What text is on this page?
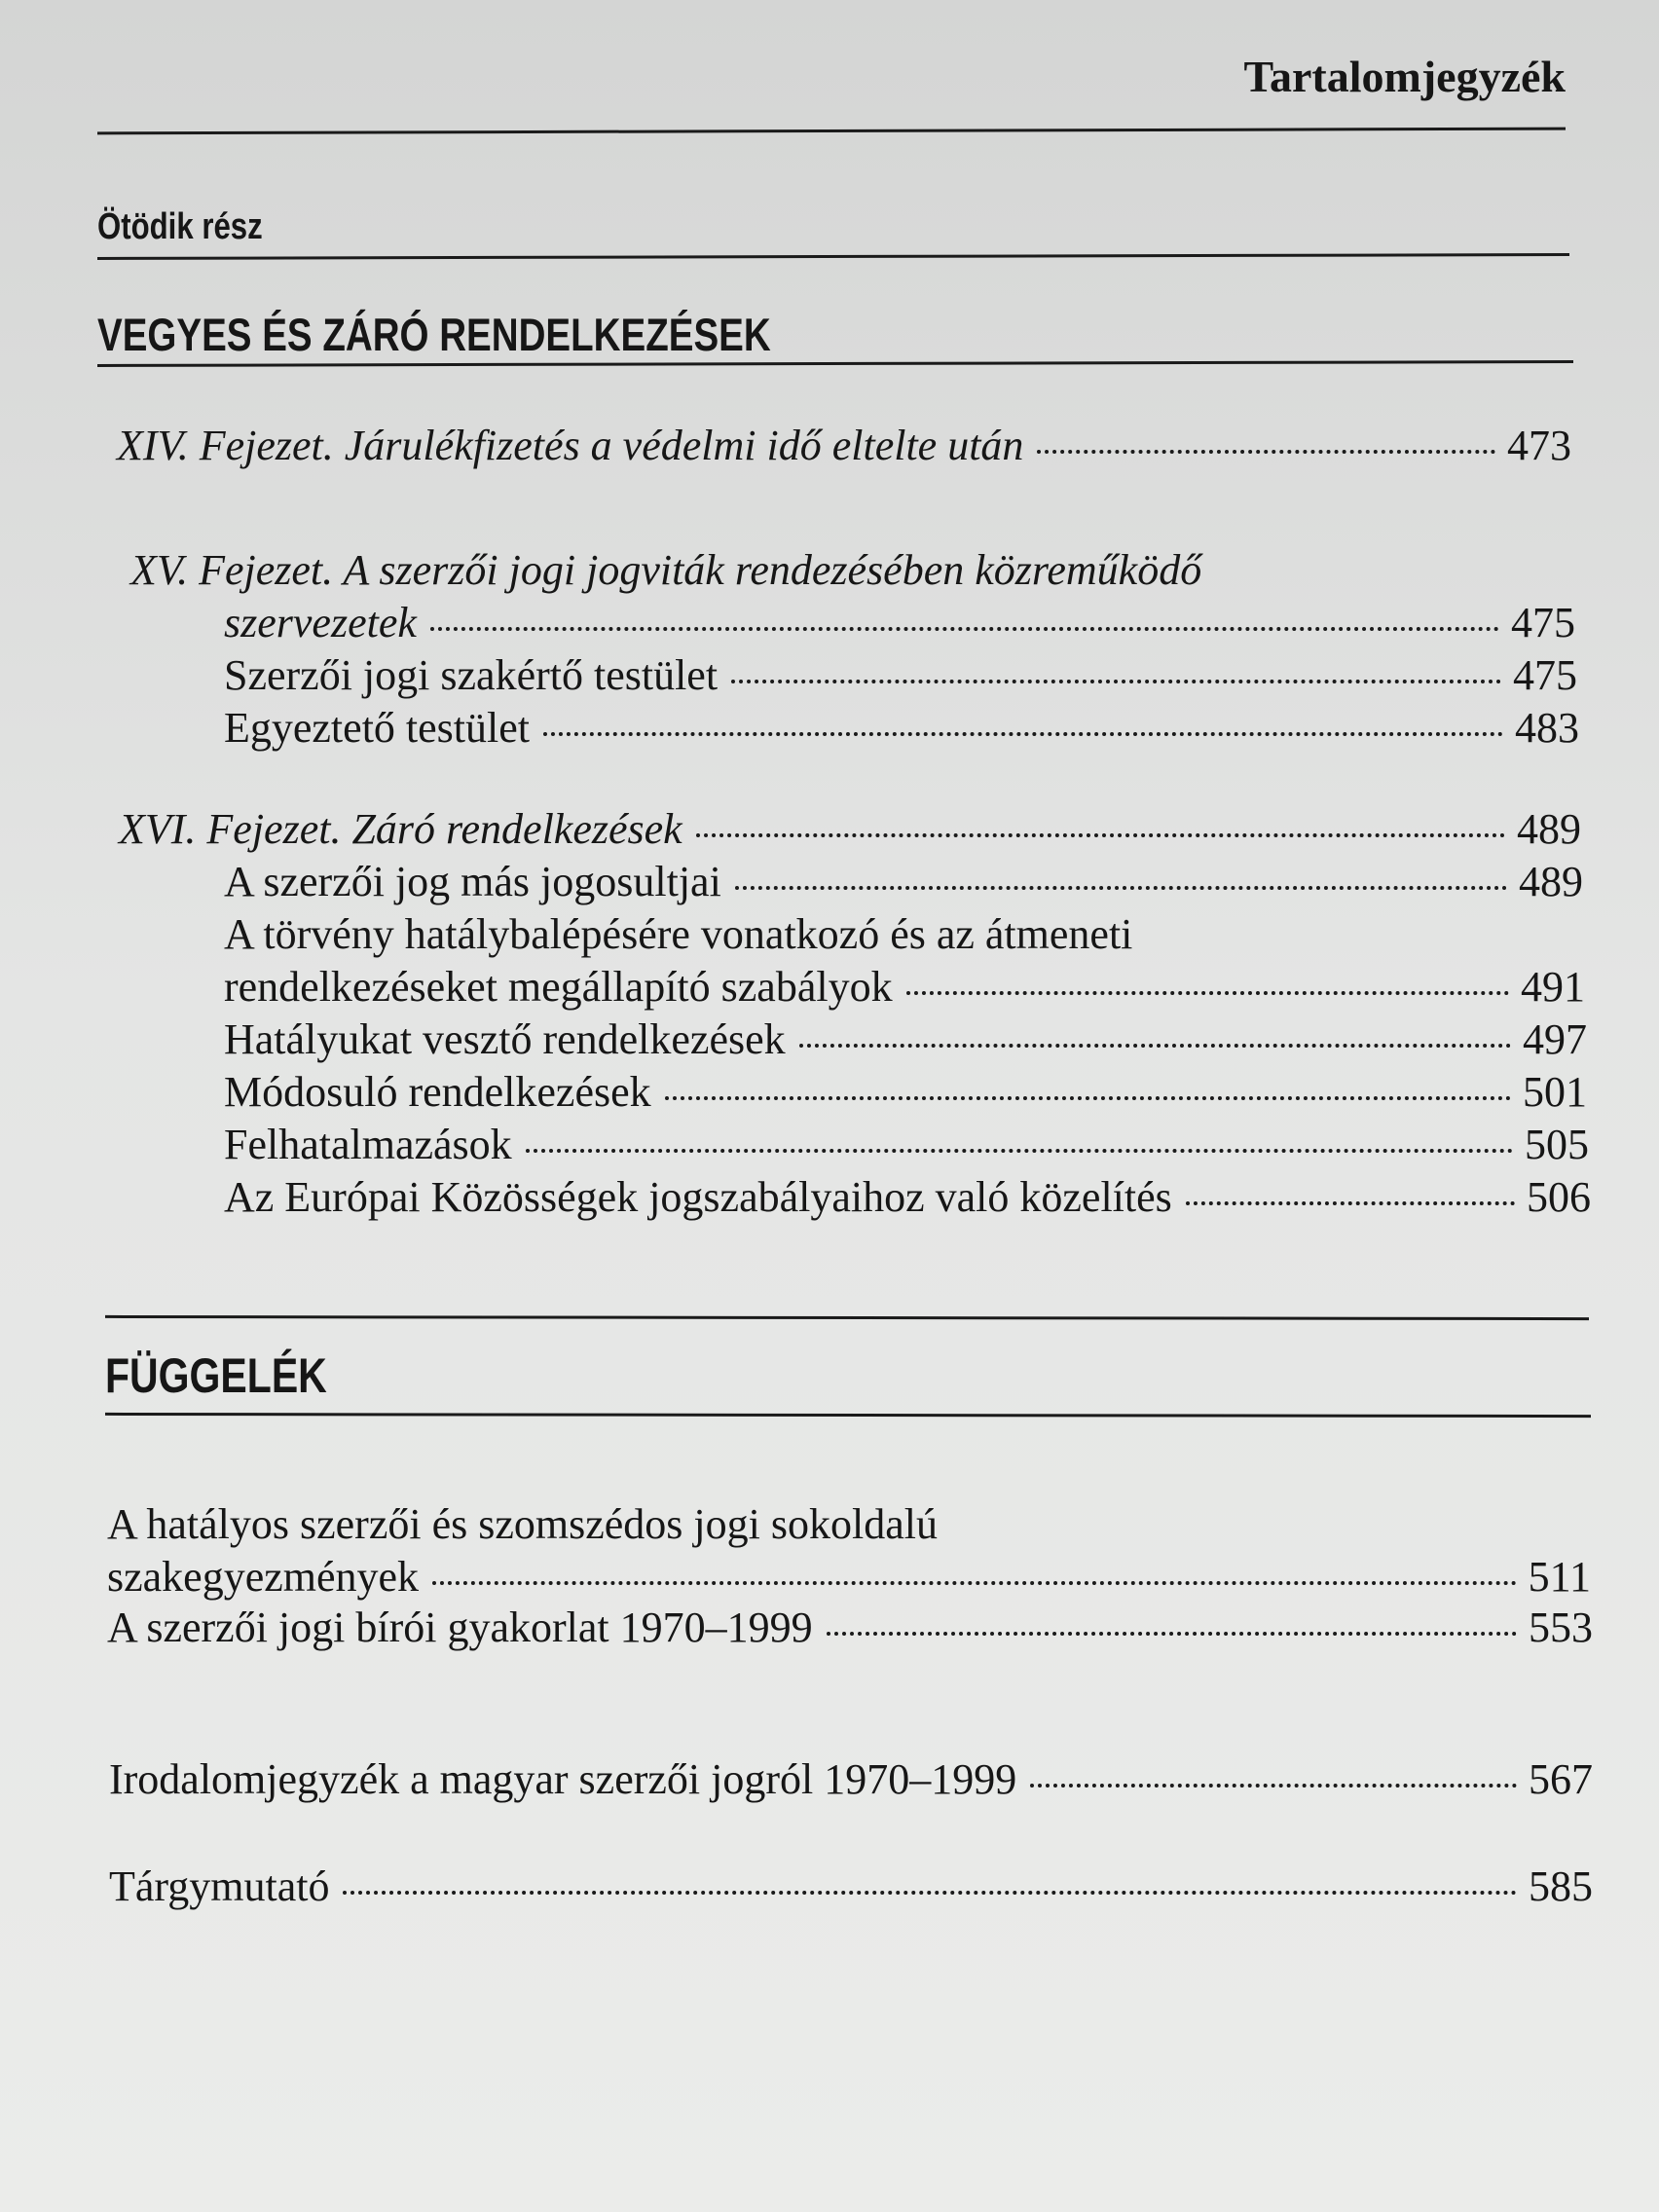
Tartalomjegyzék
Ötödik rész
VEGYES ÉS ZÁRÓ RENDELKEZÉSEK
XIV. Fejezet. Járulékfizetés a védelmi idő eltelte után	473
XV. Fejezet. A szerzői jogi jogviták rendezésében közreműködő
szervezetek	475
Szerzői jogi szakértő testület	475
Egyeztető testület	483
XVI. Fejezet. Záró rendelkezések	489
A szerzői jog más jogosultjai	489
A törvény hatálybalépésére vonatkozó és az átmeneti
rendelkezéseket megállapító szabályok	491
Hatályukat vesztő rendelkezések	497
Módosuló rendelkezések	501
Felhatalmazások	505
Az Európai Közösségek jogszabályaihoz való közelítés	506
FÜGGELÉK
A hatályos szerzői és szomszédos jogi sokoldalú
szakegyezmények	511
A szerzői jogi bírói gyakorlat 1970–1999	553
Irodalomjegyzék a magyar szerzői jogról 1970–1999	567
Tárgymutató	585
